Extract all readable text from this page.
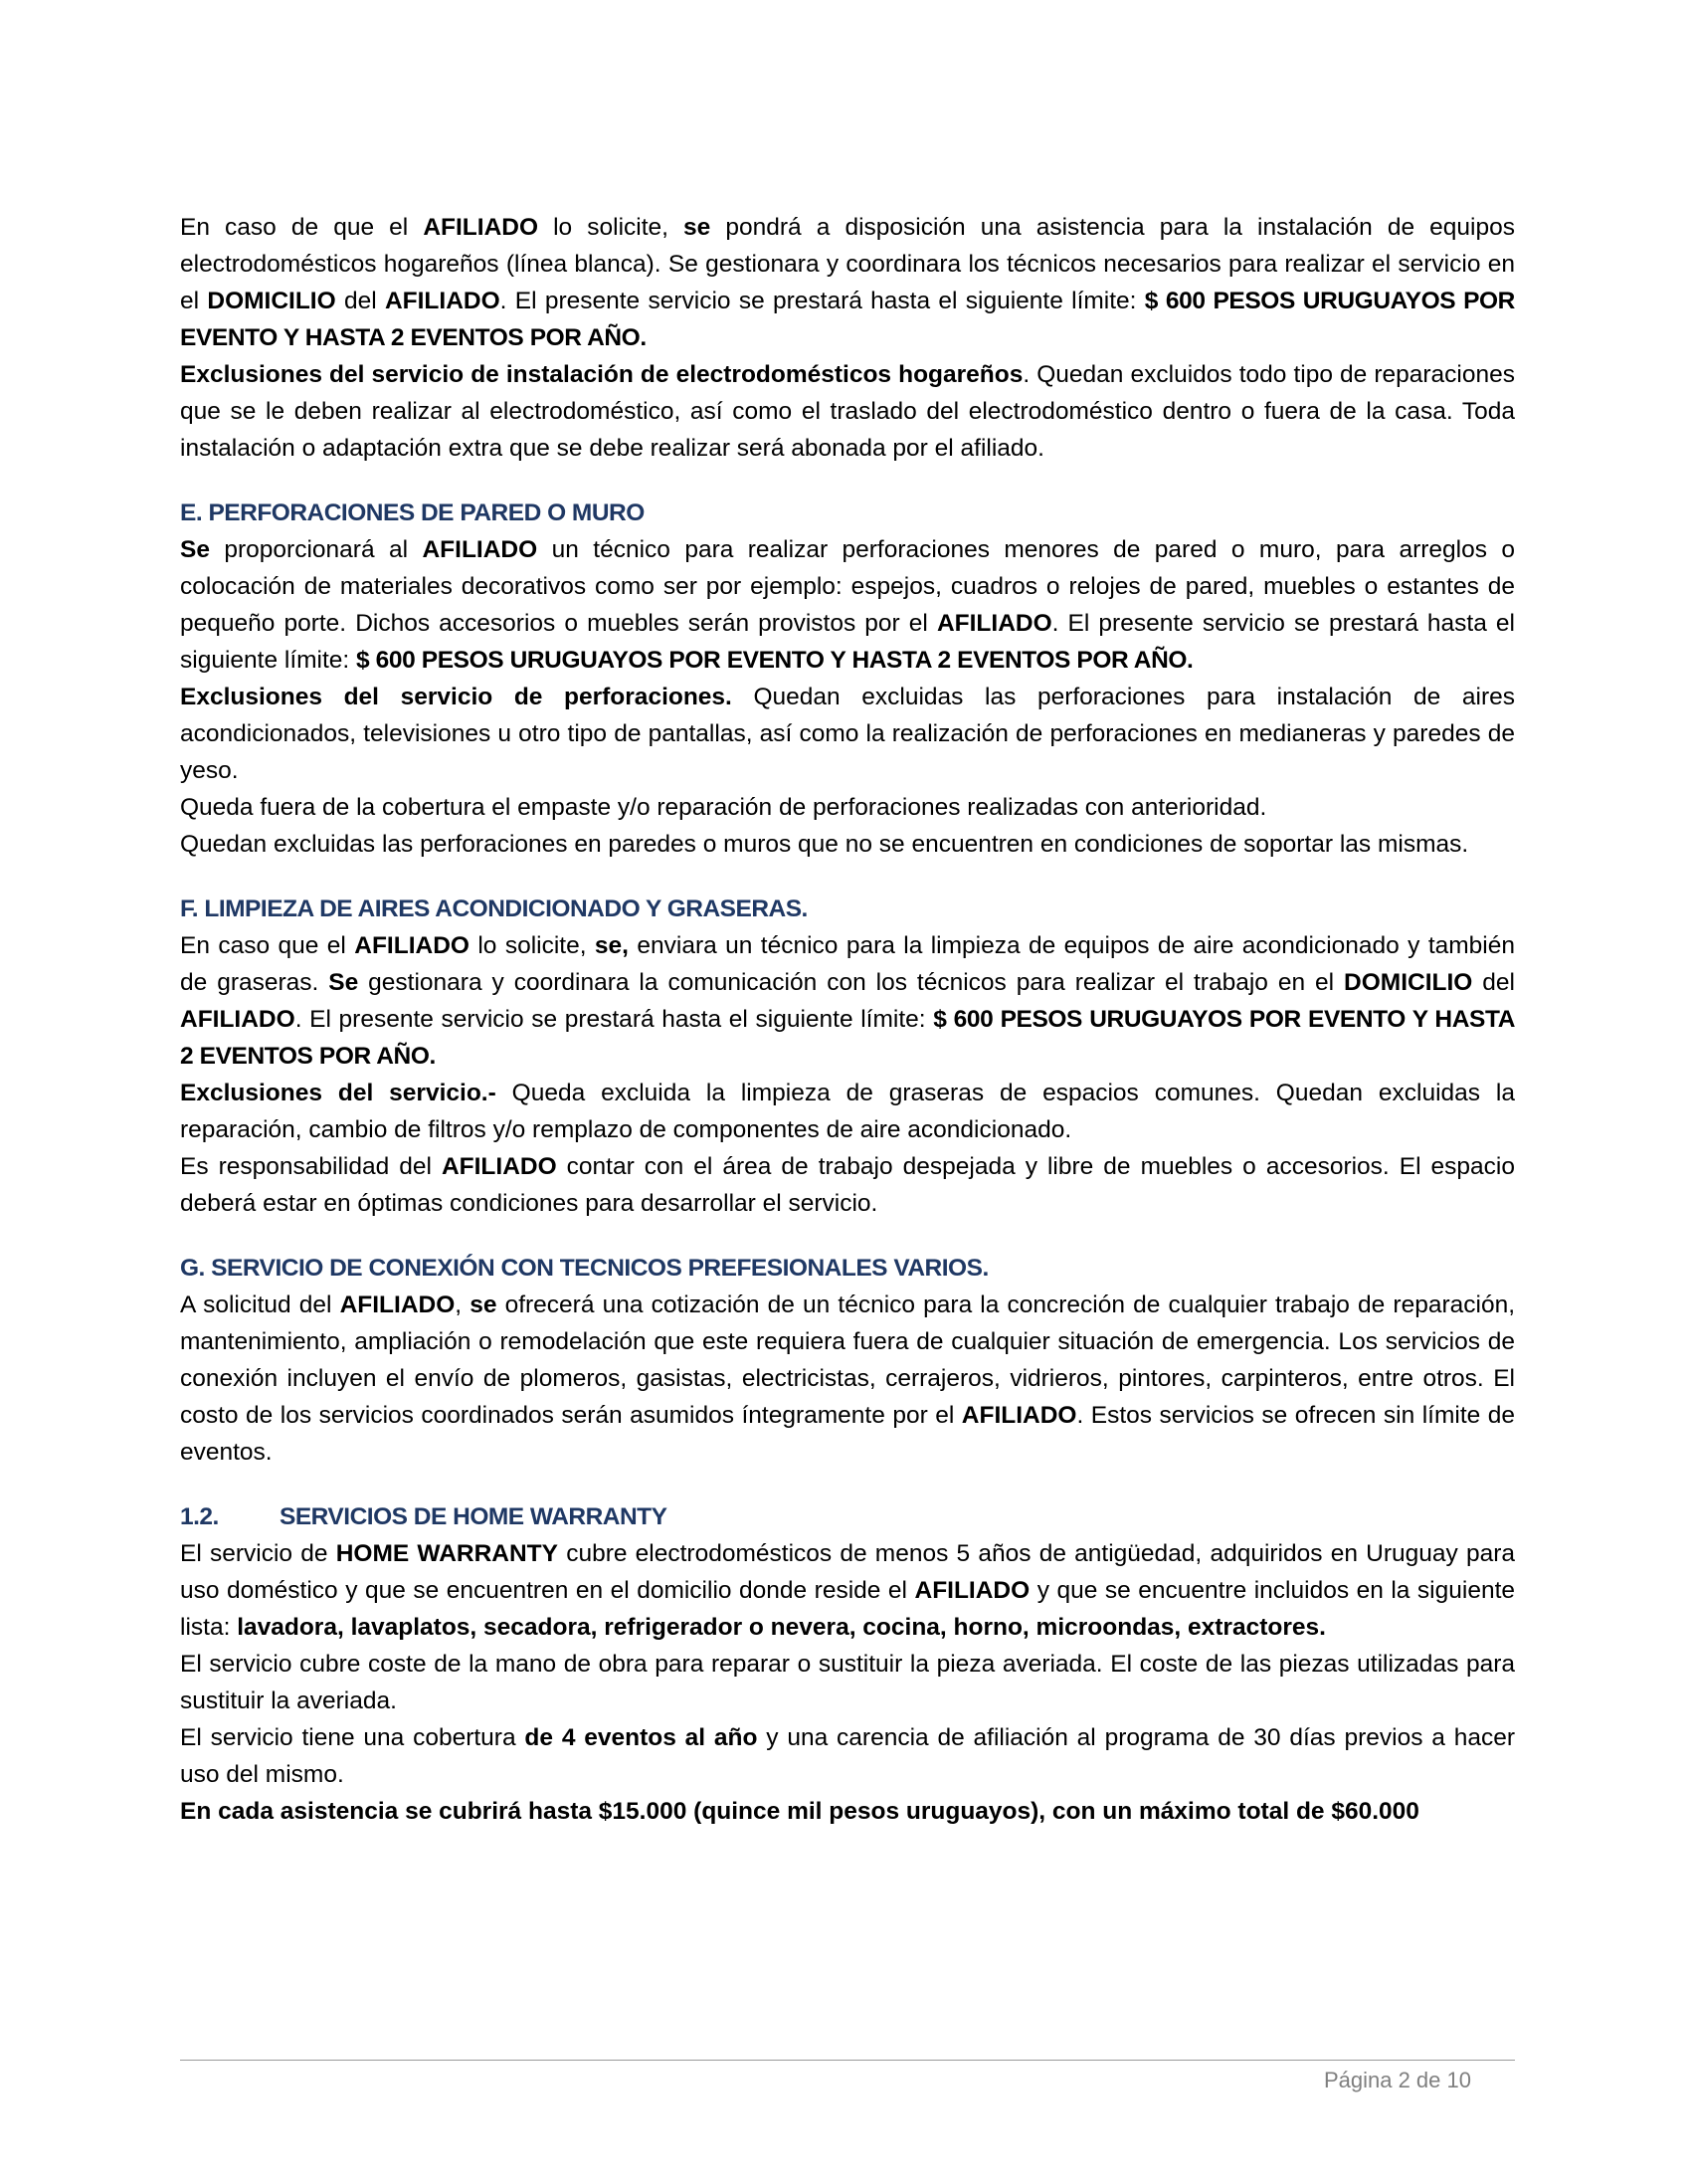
En caso de que el AFILIADO lo solicite, se pondrá a disposición una asistencia para la instalación de equipos electrodomésticos hogareños (línea blanca). Se gestionara y coordinara los técnicos necesarios para realizar el servicio en el DOMICILIO del AFILIADO. El presente servicio se prestará hasta el siguiente límite: $ 600 PESOS URUGUAYOS POR EVENTO Y HASTA 2 EVENTOS POR AÑO.

Exclusiones del servicio de instalación de electrodomésticos hogareños. Quedan excluidos todo tipo de reparaciones que se le deben realizar al electrodoméstico, así como el traslado del electrodoméstico dentro o fuera de la casa. Toda instalación o adaptación extra que se debe realizar será abonada por el afiliado.

E. PERFORACIONES DE PARED O MURO

Se proporcionará al AFILIADO un técnico para realizar perforaciones menores de pared o muro, para arreglos o colocación de materiales decorativos como ser por ejemplo: espejos, cuadros o relojes de pared, muebles o estantes de pequeño porte. Dichos accesorios o muebles serán provistos por el AFILIADO. El presente servicio se prestará hasta el siguiente límite: $ 600 PESOS URUGUAYOS POR EVENTO Y HASTA 2 EVENTOS POR AÑO.

Exclusiones del servicio de perforaciones. Quedan excluidas las perforaciones para instalación de aires acondicionados, televisiones u otro tipo de pantallas, así como la realización de perforaciones en medianeras y paredes de yeso.

Queda fuera de la cobertura el empaste y/o reparación de perforaciones realizadas con anterioridad.

Quedan excluidas las perforaciones en paredes o muros que no se encuentren en condiciones de soportar las mismas.

F. LIMPIEZA DE AIRES ACONDICIONADO Y GRASERAS.

En caso que el AFILIADO lo solicite, se, enviara un técnico para la limpieza de equipos de aire acondicionado y también de graseras. Se gestionara y coordinara la comunicación con los técnicos para realizar el trabajo en el DOMICILIO del AFILIADO. El presente servicio se prestará hasta el siguiente límite: $ 600 PESOS URUGUAYOS POR EVENTO Y HASTA 2 EVENTOS POR AÑO.

Exclusiones del servicio.- Queda excluida la limpieza de graseras de espacios comunes. Quedan excluidas la reparación, cambio de filtros y/o remplazo de componentes de aire acondicionado.

Es responsabilidad del AFILIADO contar con el área de trabajo despejada y libre de muebles o accesorios. El espacio deberá estar en óptimas condiciones para desarrollar el servicio.

G. SERVICIO DE CONEXIÓN CON TECNICOS PREFESIONALES VARIOS.

A solicitud del AFILIADO, se ofrecerá una cotización de un técnico para la concreción de cualquier trabajo de reparación, mantenimiento, ampliación o remodelación que este requiera fuera de cualquier situación de emergencia. Los servicios de conexión incluyen el envío de plomeros, gasistas, electricistas, cerrajeros, vidrieros, pintores, carpinteros, entre otros. El costo de los servicios coordinados serán asumidos íntegramente por el AFILIADO. Estos servicios se ofrecen sin límite de eventos.

1.2. SERVICIOS DE HOME WARRANTY

El servicio de HOME WARRANTY cubre electrodomésticos de menos 5 años de antigüedad, adquiridos en Uruguay para uso doméstico y que se encuentren en el domicilio donde reside el AFILIADO y que se encuentre incluidos en la siguiente lista: lavadora, lavaplatos, secadora, refrigerador o nevera, cocina, horno, microondas, extractores.

El servicio cubre coste de la mano de obra para reparar o sustituir la pieza averiada. El coste de las piezas utilizadas para sustituir la averiada.

El servicio tiene una cobertura de 4 eventos al año y una carencia de afiliación al programa de 30 días previos a hacer uso del mismo.

En cada asistencia se cubrirá hasta $15.000 (quince mil pesos uruguayos), con un máximo total de $60.000

Página 2 de 10
